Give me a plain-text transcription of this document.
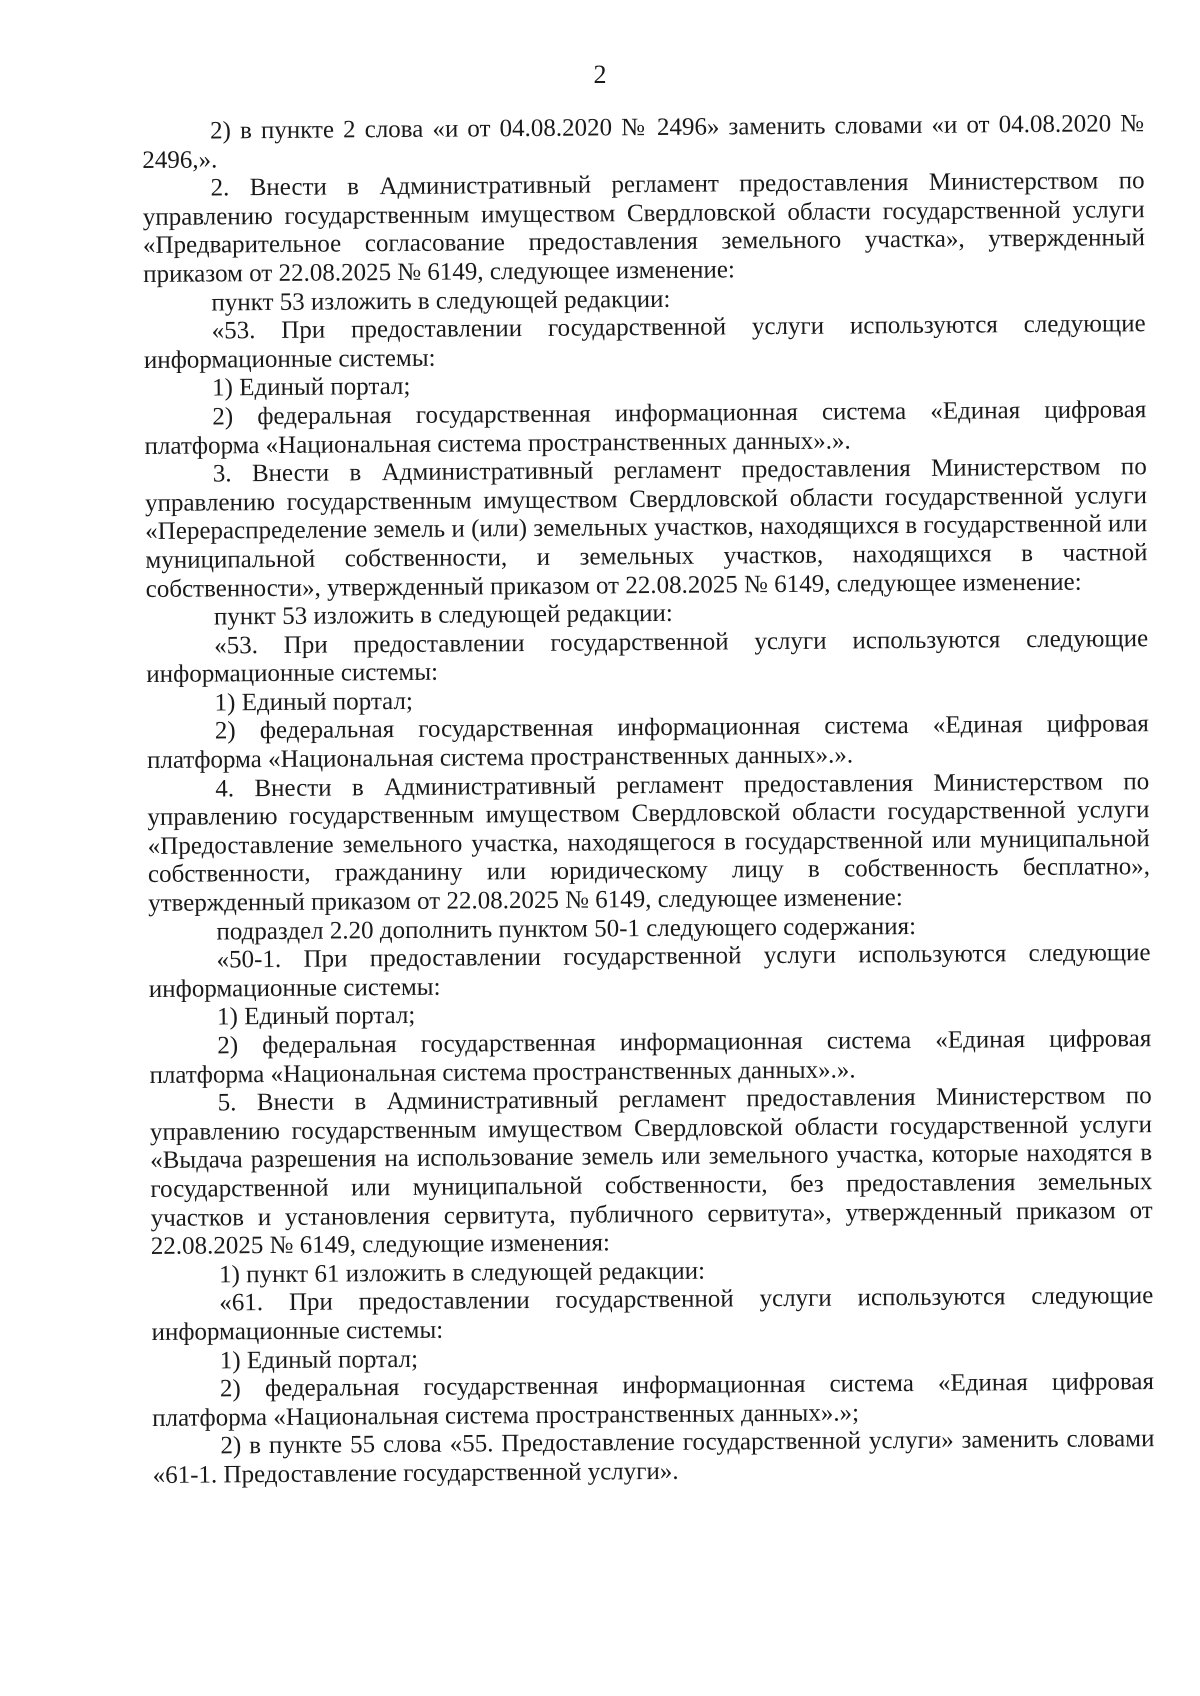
2

2) в пункте 2 слова «и от 04.08.2020 № 2496» заменить словами «и от 04.08.2020 № 2496,».

2. Внести в Административный регламент предоставления Министерством по управлению государственным имуществом Свердловской области государственной услуги «Предварительное согласование предоставления земельного участка», утвержденный приказом от 22.08.2025 № 6149, следующее изменение:

пункт 53 изложить в следующей редакции:

«53. При предоставлении государственной услуги используются следующие информационные системы:

1) Единый портал;

2) федеральная государственная информационная система «Единая цифровая платформа «Национальная система пространственных данных».».

3. Внести в Административный регламент предоставления Министерством по управлению государственным имуществом Свердловской области государственной услуги «Перераспределение земель и (или) земельных участков, находящихся в государственной или муниципальной собственности, и земельных участков, находящихся в частной собственности», утвержденный приказом от 22.08.2025 № 6149, следующее изменение:

пункт 53 изложить в следующей редакции:

«53. При предоставлении государственной услуги используются следующие информационные системы:

1) Единый портал;

2) федеральная государственная информационная система «Единая цифровая платформа «Национальная система пространственных данных».».

4. Внести в Административный регламент предоставления Министерством по управлению государственным имуществом Свердловской области государственной услуги «Предоставление земельного участка, находящегося в государственной или муниципальной собственности, гражданину или юридическому лицу в собственность бесплатно», утвержденный приказом от 22.08.2025 № 6149, следующее изменение:

подраздел 2.20 дополнить пунктом 50-1 следующего содержания:

«50-1. При предоставлении государственной услуги используются следующие информационные системы:

1) Единый портал;

2) федеральная государственная информационная система «Единая цифровая платформа «Национальная система пространственных данных».».

5. Внести в Административный регламент предоставления Министерством по управлению государственным имуществом Свердловской области государственной услуги «Выдача разрешения на использование земель или земельного участка, которые находятся в государственной или муниципальной собственности, без предоставления земельных участков и установления сервитута, публичного сервитута», утвержденный приказом от 22.08.2025 № 6149, следующие изменения:

1) пункт 61 изложить в следующей редакции:

«61. При предоставлении государственной услуги используются следующие информационные системы:

1) Единый портал;

2) федеральная государственная информационная система «Единая цифровая платформа «Национальная система пространственных данных».»;

2) в пункте 55 слова «55. Предоставление государственной услуги» заменить словами «61-1. Предоставление государственной услуги».
